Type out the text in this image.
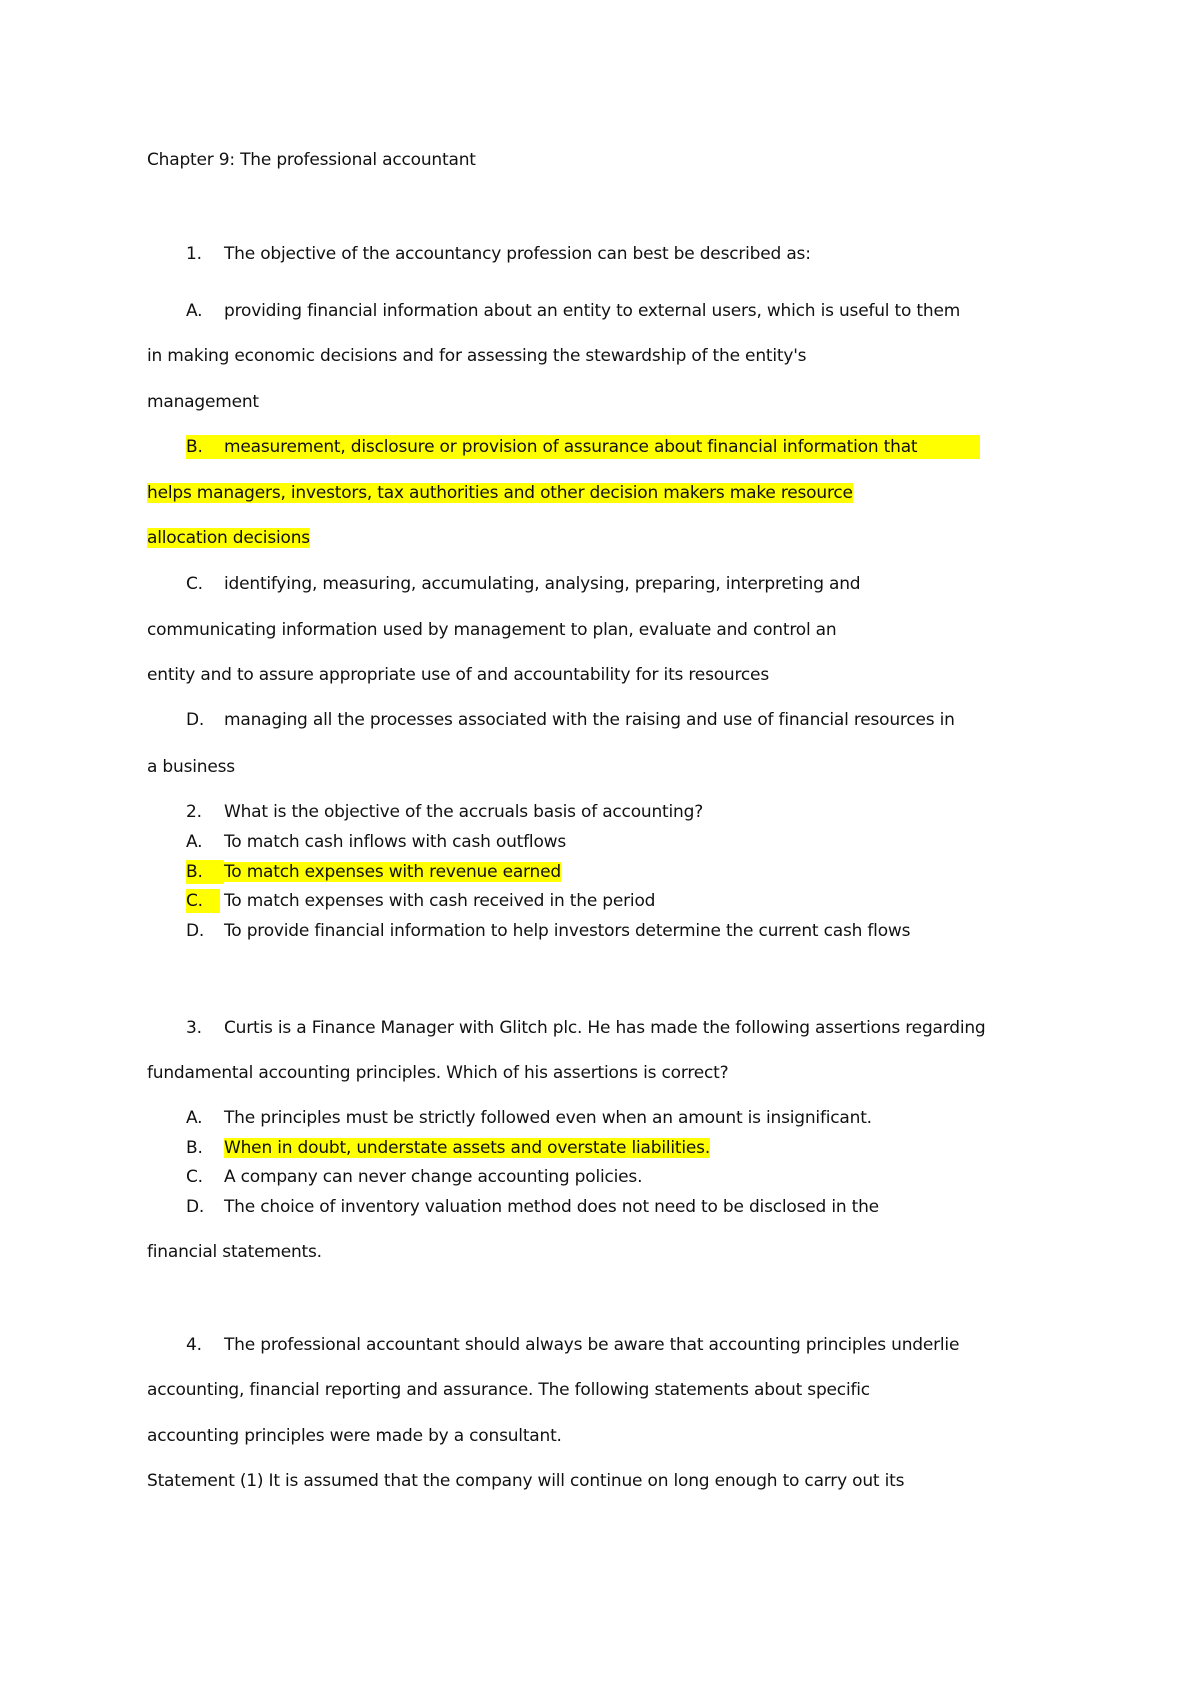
Chapter 9: The professional accountant
1. The objective of the accountancy profession can best be described as:
A. providing financial information about an entity to external users, which is useful to them
in making economic decisions and for assessing the stewardship of the entity's
management
B. measurement, disclosure or provision of assurance about financial information that
helps managers, investors, tax authorities and other decision makers make resource
allocation decisions
C. identifying, measuring, accumulating, analysing, preparing, interpreting and
communicating information used by management to plan, evaluate and control an
entity and to assure appropriate use of and accountability for its resources
D. managing all the processes associated with the raising and use of financial resources in
a business
2. What is the objective of the accruals basis of accounting?
A. To match cash inflows with cash outflows
B. To match expenses with revenue earned
C. To match expenses with cash received in the period
D. To provide financial information to help investors determine the current cash flows
3. Curtis is a Finance Manager with Glitch plc. He has made the following assertions regarding
fundamental accounting principles. Which of his assertions is correct?
A. The principles must be strictly followed even when an amount is insignificant.
B. When in doubt, understate assets and overstate liabilities.
C. A company can never change accounting policies.
D. The choice of inventory valuation method does not need to be disclosed in the
financial statements.
4. The professional accountant should always be aware that accounting principles underlie
accounting, financial reporting and assurance. The following statements about specific
accounting principles were made by a consultant.
Statement (1) It is assumed that the company will continue on long enough to carry out its
